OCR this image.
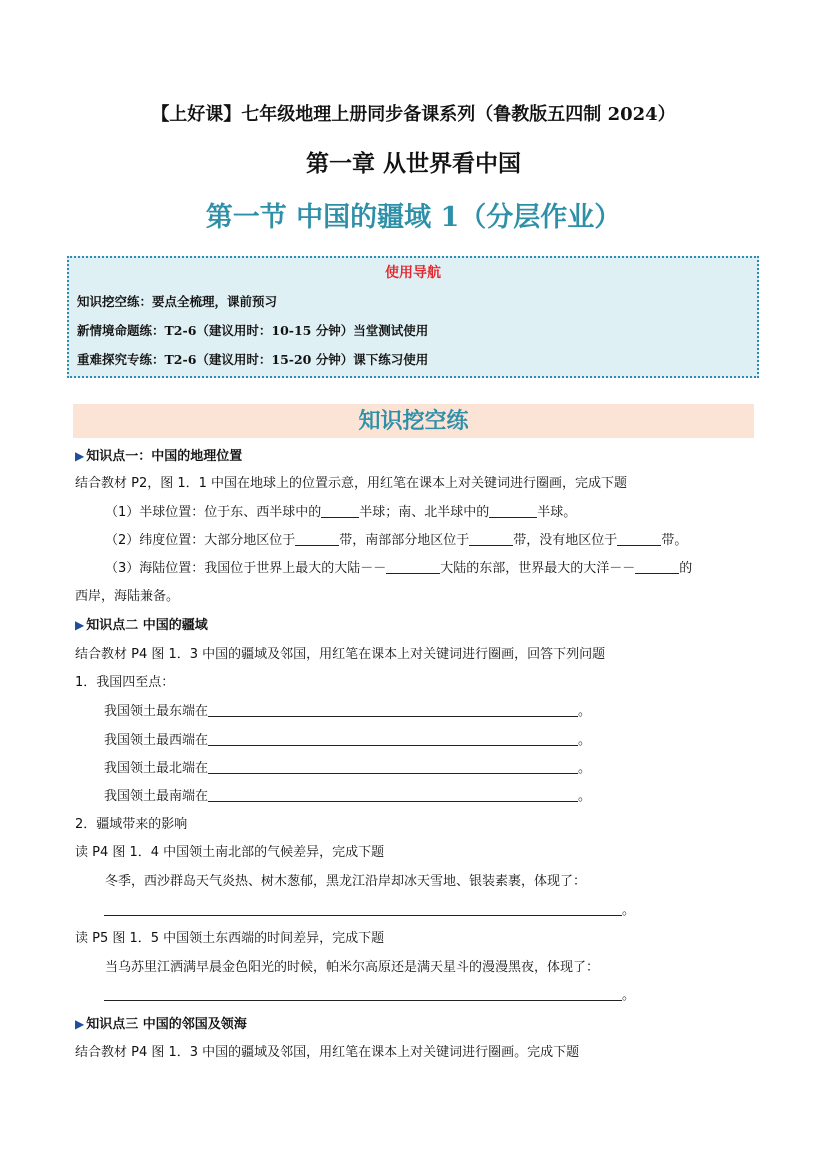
【上好课】七年级地理上册同步备课系列（鲁教版五四制 2024）
第一章 从世界看中国
第一节 中国的疆域 1（分层作业）
使用导航
知识挖空练：要点全梳理，课前预习
新情境命题练：T2-6（建议用时：10-15 分钟）当堂测试使用
重难探究专练：T2-6（建议用时：15-20 分钟）课下练习使用
知识挖空练
▶ 知识点一：中国的地理位置
结合教材 P2，图 1．1 中国在地球上的位置示意，用红笔在课本上对关键词进行圈画，完成下题
（1）半球位置：位于东、西半球中的	半球；南、北半球中的	半球。
（2）纬度位置：大部分地区位于	带，南部部分地区位于	带，没有地区位于	带。
（3）海陆位置：我国位于世界上最大的大陆－－	大陆的东部，世界最大的大洋－－	的
西岸，海陆兼备。
▶ 知识点二 中国的疆域
结合教材 P4 图 1．3 中国的疆域及邻国，用红笔在课本上对关键词进行圈画，回答下列问题
1．我国四至点：
我国领土最东端在	。
我国领土最西端在	。
我国领土最北端在	。
我国领土最南端在	。
2．疆域带来的影响
读 P4 图 1．4 中国领土南北部的气候差异，完成下题
冬季，西沙群岛天气炎热、树木葱郁，黑龙江沿岸却冰天雪地、银装素裹，体现了：
。
读 P5 图 1．5 中国领土东西端的时间差异，完成下题
当乌苏里江洒满早晨金色阳光的时候，帕米尔高原还是满天星斗的漫漫黑夜，体现了：
。
▶ 知识点三 中国的邻国及领海
结合教材 P4 图 1．3 中国的疆域及邻国，用红笔在课本上对关键词进行圈画。完成下题
